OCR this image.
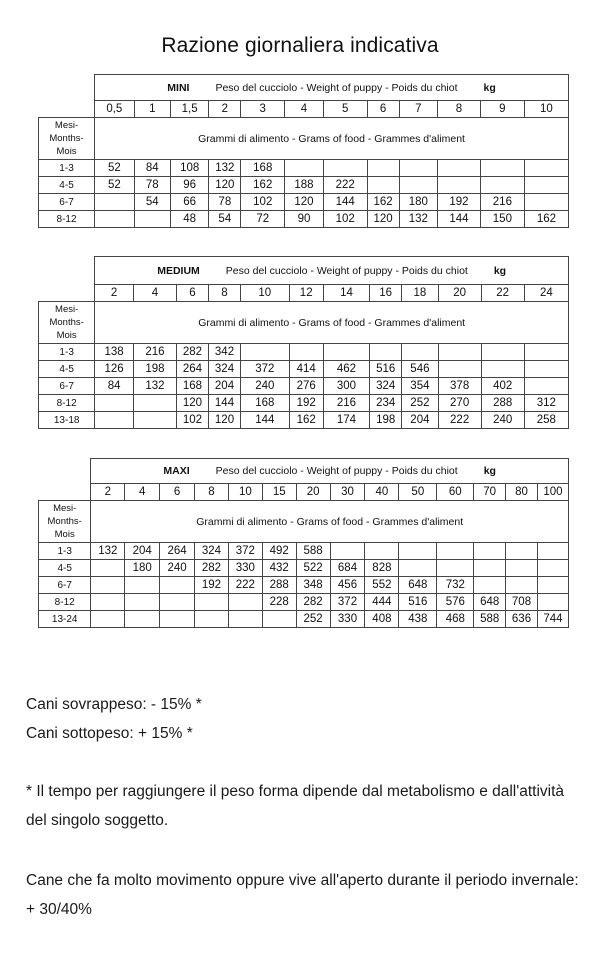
Razione giornaliera indicativa
	MINI Peso del cucciolo - Weight of puppy - Poids du chiot kg											
	0,5	1	1,5	2	3	4	5	6	7	8	9	10
Mesi-
Months-
Mois	Grammi di alimento - Grams of food - Grammes d'aliment											
1-3	52	84	108	132	168							
4-5	52	78	96	120	162	188	222					
6-7		54	66	78	102	120	144	162	180	192	216	
8-12			48	54	72	90	102	120	132	144	150	162
	MEDIUM Peso del cucciolo - Weight of puppy - Poids du chiot kg											
	2	4	6	8	10	12	14	16	18	20	22	24
Mesi-
Months-
Mois	Grammi di alimento - Grams of food - Grammes d'aliment											
1-3	138	216	282	342								
4-5	126	198	264	324	372	414	462	516	546			
6-7	84	132	168	204	240	276	300	324	354	378	402	
8-12			120	144	168	192	216	234	252	270	288	312
13-18			102	120	144	162	174	198	204	222	240	258
	MAXI Peso del cucciolo - Weight of puppy - Poids du chiot kg													
	2	4	6	8	10	15	20	30	40	50	60	70	80	100
Mesi-
Months-
Mois	Grammi di alimento - Grams of food - Grammes d'aliment													
1-3	132	204	264	324	372	492	588							
4-5		180	240	282	330	432	522	684	828					
6-7				192	222	288	348	456	552	648	732			
8-12						228	282	372	444	516	576	648	708	
13-24							252	330	408	438	468	588	636	744

Cani sovrappeso: - 15% *

Cani sottopeso: + 15% *

* Il tempo per raggiungere il peso forma dipende dal metabolismo e dall'attività del singolo soggetto.

Cane che fa molto movimento oppure vive all'aperto durante il periodo invernale: + 30/40%
